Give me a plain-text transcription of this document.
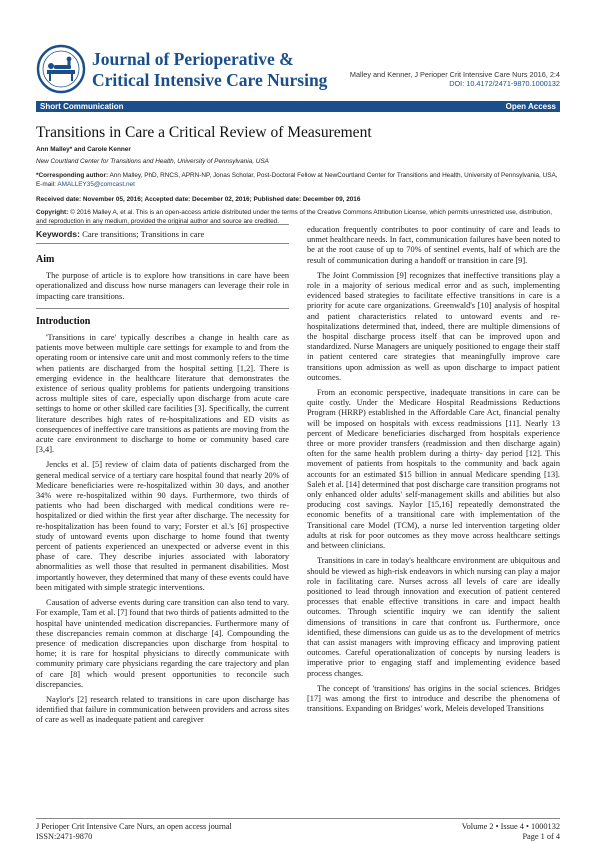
Journal of Perioperative &
Critical Intensive Care Nursing	Malley and Kenner, J Perioper Crit Intensive Care Nurs 2016, 2:4
DOI: 10.4172/2471-9870.1000132
Short Communication	Open Access
Transitions in Care a Critical Review of Measurement
Ann Malley* and Carole Kenner
New Courtland Center for Transitions and Health, University of Pennsylvania, USA
*Corresponding author: Ann Malley, PhD, RNCS, APRN-NP, Jonas Scholar, Post-Doctoral Fellow at NewCourtland Center for Transitions and Health, University of Pennsylvania, USA, E-mail: AMALLEY35@comcast.net
Received date: November 05, 2016; Accepted date: December 02, 2016; Published date: December 09, 2016
Copyright: © 2016 Malley A, et al. This is an open-access article distributed under the terms of the Creative Commons Attribution License, which permits unrestricted use, distribution, and reproduction in any medium, provided the original author and source are credited.
Keywords: Care transitions; Transitions in care
Aim

The purpose of article is to explore how transitions in care have been operationalized and discuss how nurse managers can leverage their role in impacting care transitions.

Introduction

'Transitions in care' typically describes a change in health care as patients move between multiple care settings for example to and from the operating room or intensive care unit and most commonly refers to the time when patients are discharged from the hospital setting [1,2]. There is emerging evidence in the healthcare literature that demonstrates the existence of serious quality problems for patients undergoing transitions across multiple sites of care, especially upon discharge from acute care settings to home or other skilled care facilities [3]. Specifically, the current literature describes high rates of re-hospitalizations and ED visits as consequences of ineffective care transitions as patients are moving from the acute care environment to discharge to home or community based care [3,4].

Jencks et al. [5] review of claim data of patients discharged from the general medical service of a tertiary care hospital found that nearly 20% of Medicare beneficiaries were re-hospitalized within 30 days, and another 34% were re-hospitalized within 90 days. Furthermore, two thirds of patients who had been discharged with medical conditions were re-hospitalized or died within the first year after discharge. The necessity for re-hospitalization has been found to vary; Forster et al.'s [6] prospective study of untoward events upon discharge to home found that twenty percent of patients experienced an unexpected or adverse event in this phase of care. They describe injuries associated with laboratory abnormalities as well those that resulted in permanent disabilities. Most importantly however, they determined that many of these events could have been mitigated with simple strategic interventions.

Causation of adverse events during care transition can also tend to vary. For example, Tam et al. [7] found that two thirds of patients admitted to the hospital have unintended medication discrepancies. Furthermore many of these discrepancies remain common at discharge [4]. Compounding the presence of medication discrepancies upon discharge from hospital to home; it is rare for hospital physicians to directly communicate with community primary care physicians regarding the care trajectory and plan of care [8] which would present opportunities to reconcile such discrepancies.

Naylor's [2] research related to transitions in care upon discharge has identified that failure in communication between providers and across sites of care as well as inadequate patient and caregiver

education frequently contributes to poor continuity of care and leads to unmet healthcare needs. In fact, communication failures have been noted to be at the root cause of up to 70% of sentinel events, half of which are the result of communication during a handoff or transition in care [9].

The Joint Commission [9] recognizes that ineffective transitions play a role in a majority of serious medical error and as such, implementing evidenced based strategies to facilitate effective transitions in care is a priority for acute care organizations. Greenwald's [10] analysis of hospital and patient characteristics related to untoward events and re-hospitalizations determined that, indeed, there are multiple dimensions of the hospital discharge process itself that can be improved upon and standardized. Nurse Managers are uniquely positioned to engage their staff in patient centered care strategies that meaningfully improve care transitions upon admission as well as upon discharge to impact patient outcomes.

From an economic perspective, inadequate transitions in care can be quite costly. Under the Medicare Hospital Readmissions Reductions Program (HRRP) established in the Affordable Care Act, financial penalty will be imposed on hospitals with excess readmissions [11]. Nearly 13 percent of Medicare beneficiaries discharged from hospitals experience three or more provider transfers (readmission and then discharge again) often for the same health problem during a thirty- day period [12]. This movement of patients from hospitals to the community and back again accounts for an estimated $15 billion in annual Medicare spending [13]. Saleh et al. [14] determined that post discharge care transition programs not only enhanced older adults' self-management skills and abilities but also producing cost savings. Naylor [15,16] repeatedly demonstrated the economic benefits of a transitional care with implementation of the Transitional care Model (TCM), a nurse led intervention targeting older adults at risk for poor outcomes as they move across healthcare settings and between clinicians.

Transitions in care in today's healthcare environment are ubiquitous and should be viewed as high-risk endeavors in which nursing can play a major role in facilitating care. Nurses across all levels of care are ideally positioned to lead through innovation and execution of patient centered processes that enable effective transitions in care and impact health outcomes. Through scientific inquiry we can identify the salient dimensions of transitions in care that confront us. Furthermore, once identified, these dimensions can guide us as to the development of metrics that can assist managers with improving efficacy and improving patient outcomes. Careful operationalization of concepts by nursing leaders is imperative prior to engaging staff and implementing evidence based process changes.

The concept of 'transitions' has origins in the social sciences. Bridges [17] was among the first to introduce and describe the phenomena of transitions. Expanding on Bridges' work, Meleis developed Transitions

J Perioper Crit Intensive Care Nurs, an open access journal
ISSN:2471-9870
Volume 2 • Issue 4 • 1000132
Page 1 of 4
